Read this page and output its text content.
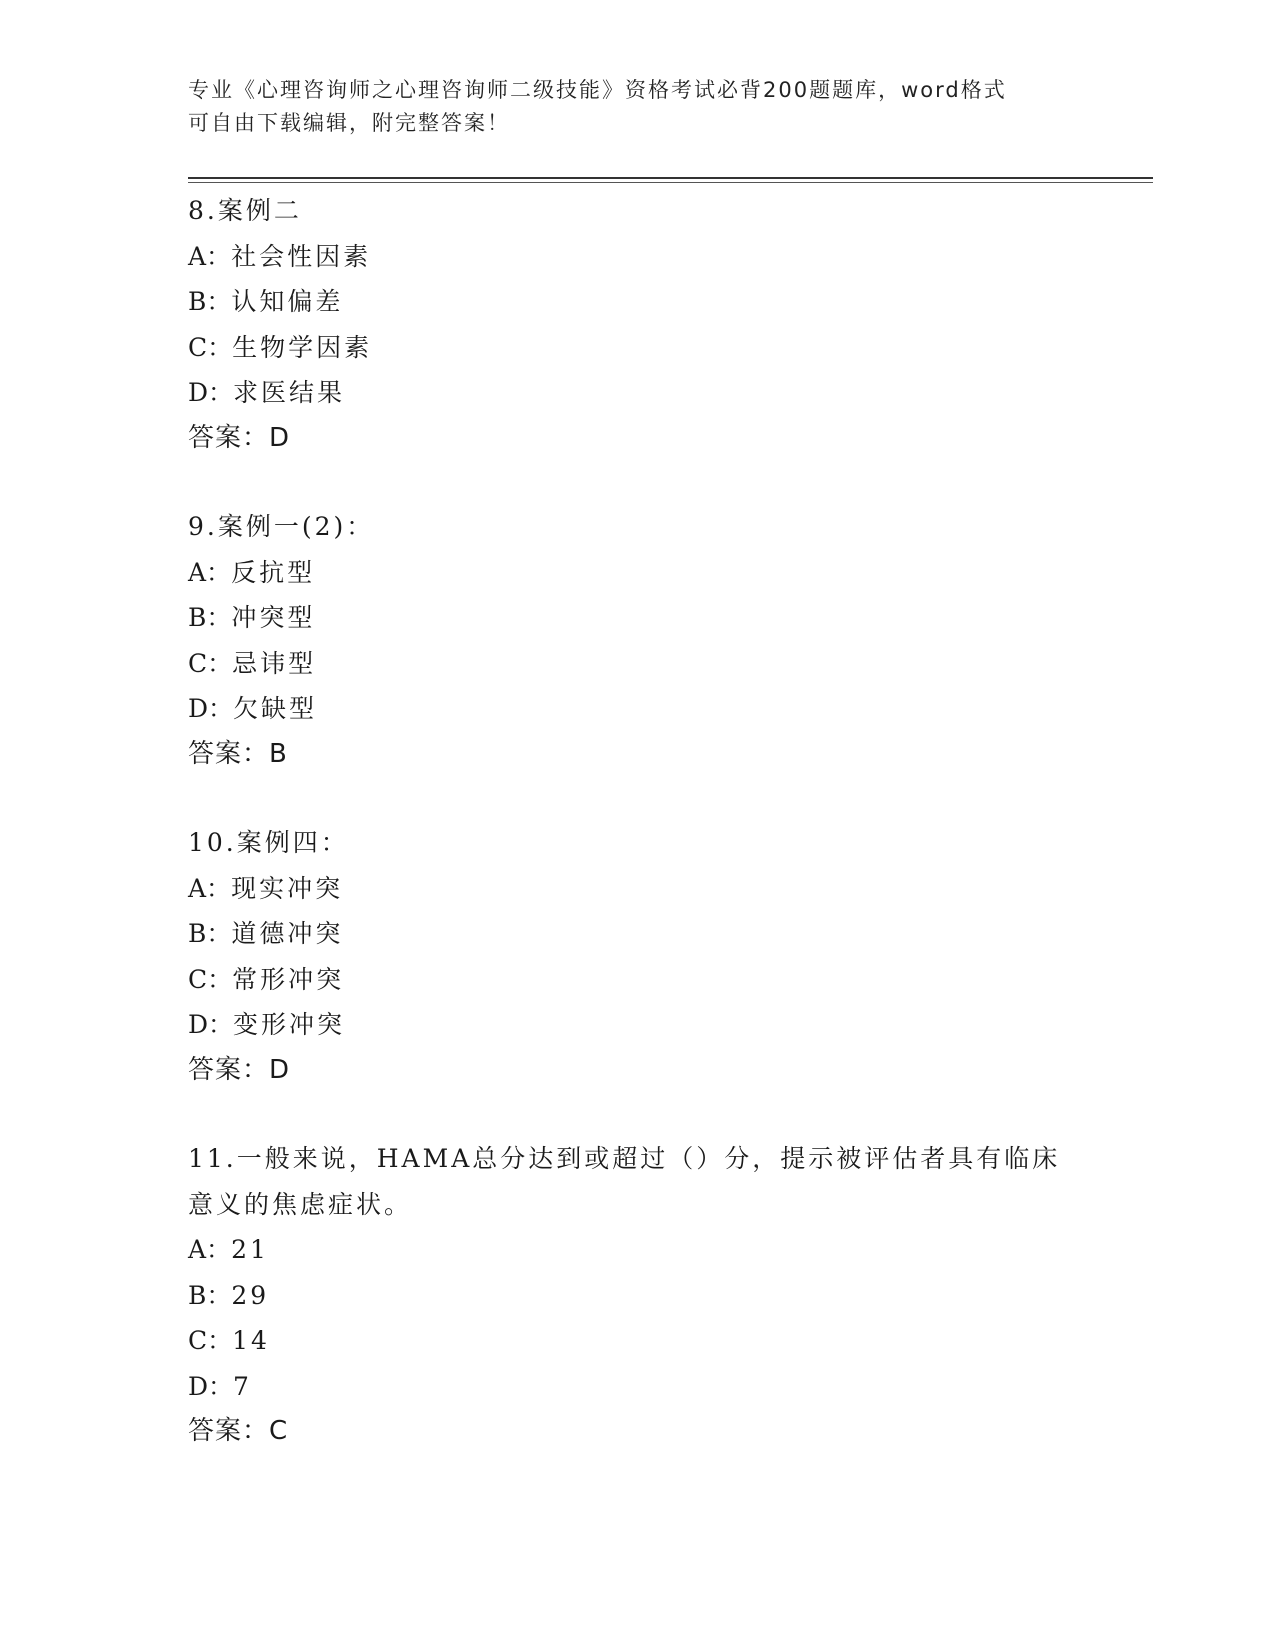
专业《心理咨询师之心理咨询师二级技能》资格考试必背200题题库，word格式
可自由下载编辑，附完整答案！
8.案例二
A：社会性因素
B：认知偏差
C：生物学因素
D：求医结果
答案：D
9.案例一(2)：
A：反抗型
B：冲突型
C：忌讳型
D：欠缺型
答案：B
10.案例四：
A：现实冲突
B：道德冲突
C：常形冲突
D：变形冲突
答案：D
11.一般来说，HAMA总分达到或超过（）分，提示被评估者具有临床意义的焦虑症状。
A：21
B：29
C：14
D：7
答案：C
